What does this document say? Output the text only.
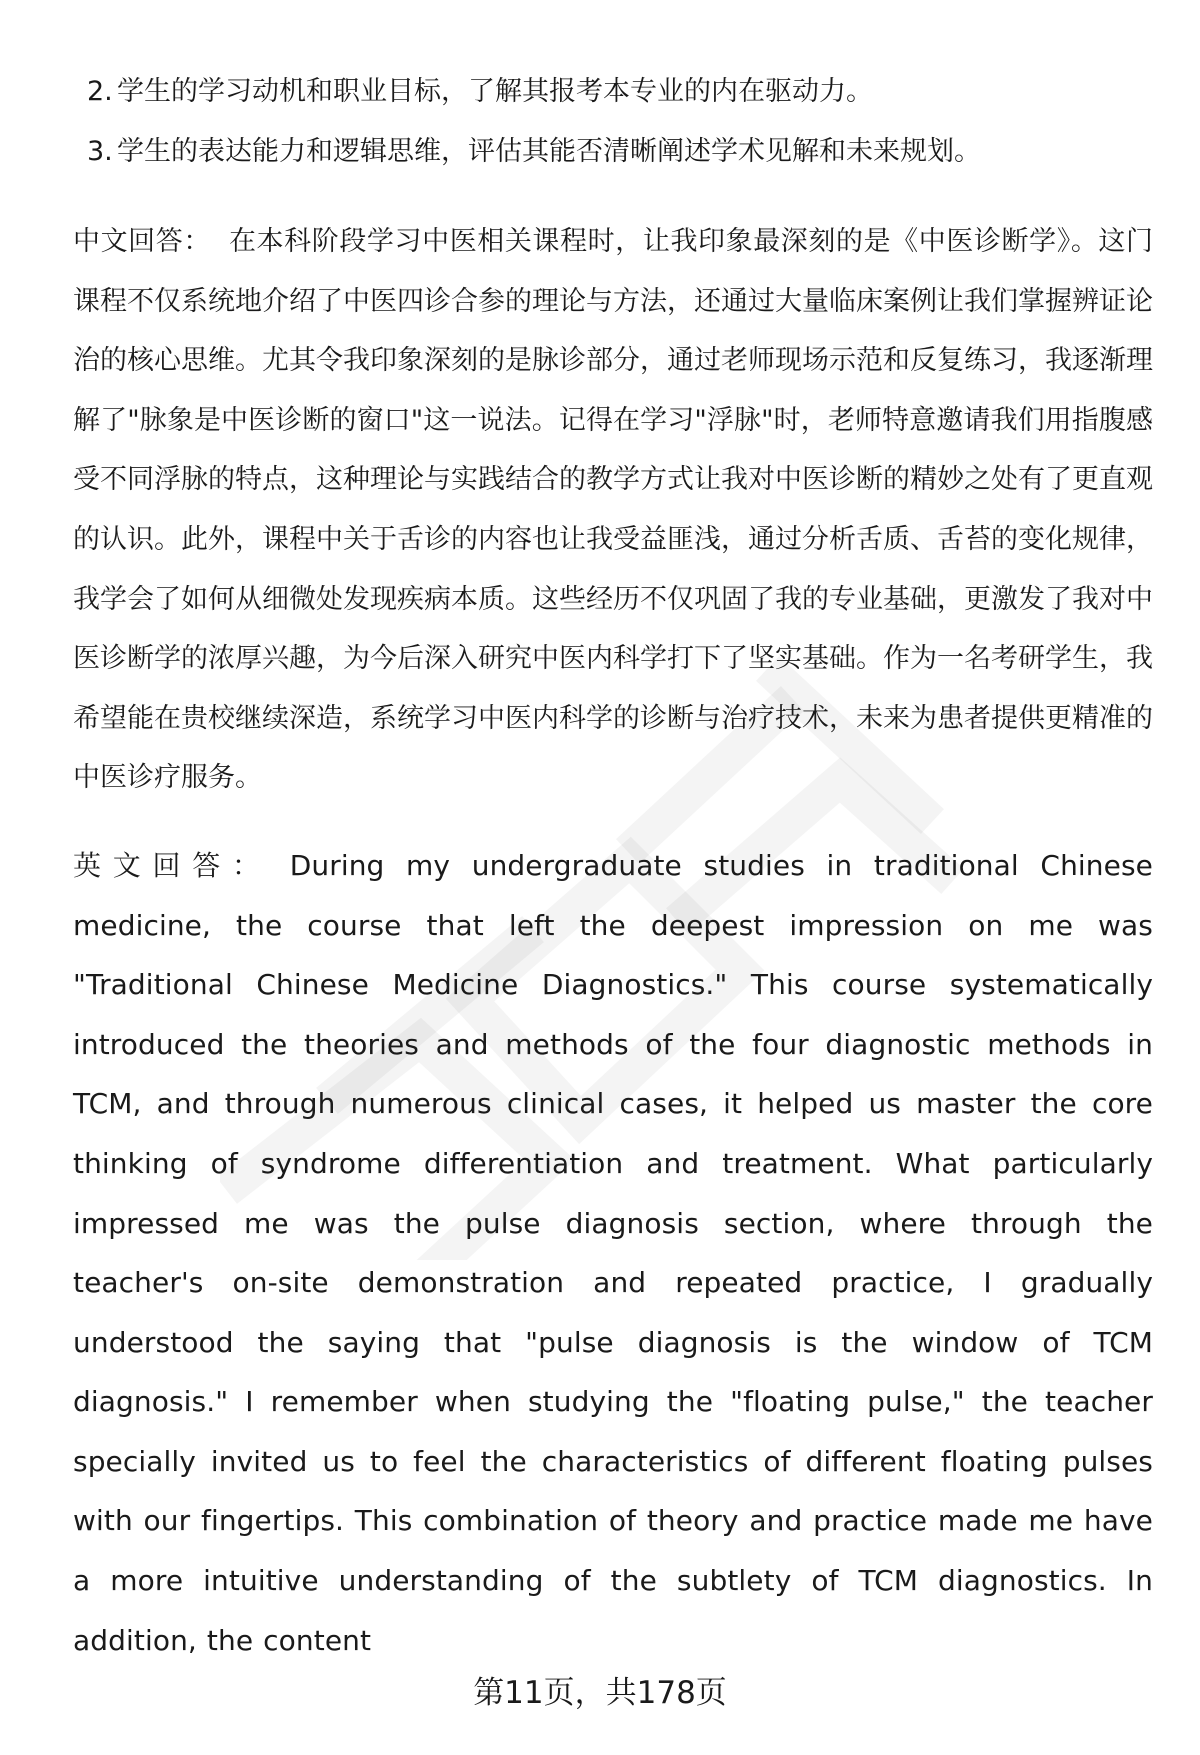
2. 学生的学习动机和职业目标，了解其报考本专业的内在驱动力。
3. 学生的表达能力和逻辑思维，评估其能否清晰阐述学术见解和未来规划。
中文回答： 在本科阶段学习中医相关课程时，让我印象最深刻的是《中医诊断学》。这门课程不仅系统地介绍了中医四诊合参的理论与方法，还通过大量临床案例让我们掌握辨证论治的核心思维。尤其令我印象深刻的是脉诊部分，通过老师现场示范和反复练习，我逐渐理解了"脉象是中医诊断的窗口"这一说法。记得在学习"浮脉"时，老师特意邀请我们用指腹感受不同浮脉的特点，这种理论与实践结合的教学方式让我对中医诊断的精妙之处有了更直观的认识。此外，课程中关于舌诊的内容也让我受益匪浅，通过分析舌质、舌苔的变化规律，我学会了如何从细微处发现疾病本质。这些经历不仅巩固了我的专业基础，更激发了我对中医诊断学的浓厚兴趣，为今后深入研究中医内科学打下了坚实基础。作为一名考研学生，我希望能在贵校继续深造，系统学习中医内科学的诊断与治疗技术，未来为患者提供更精准的中医诊疗服务。
英文回答： During my undergraduate studies in traditional Chinese medicine, the course that left the deepest impression on me was "Traditional Chinese Medicine Diagnostics." This course systematically introduced the theories and methods of the four diagnostic methods in TCM, and through numerous clinical cases, it helped us master the core thinking of syndrome differentiation and treatment. What particularly impressed me was the pulse diagnosis section, where through the teacher's on-site demonstration and repeated practice, I gradually understood the saying that "pulse diagnosis is the window of TCM diagnosis." I remember when studying the "floating pulse," the teacher specially invited us to feel the characteristics of different floating pulses with our fingertips. This combination of theory and practice made me have a more intuitive understanding of the subtlety of TCM diagnostics. In addition, the content
第11页，共178页
